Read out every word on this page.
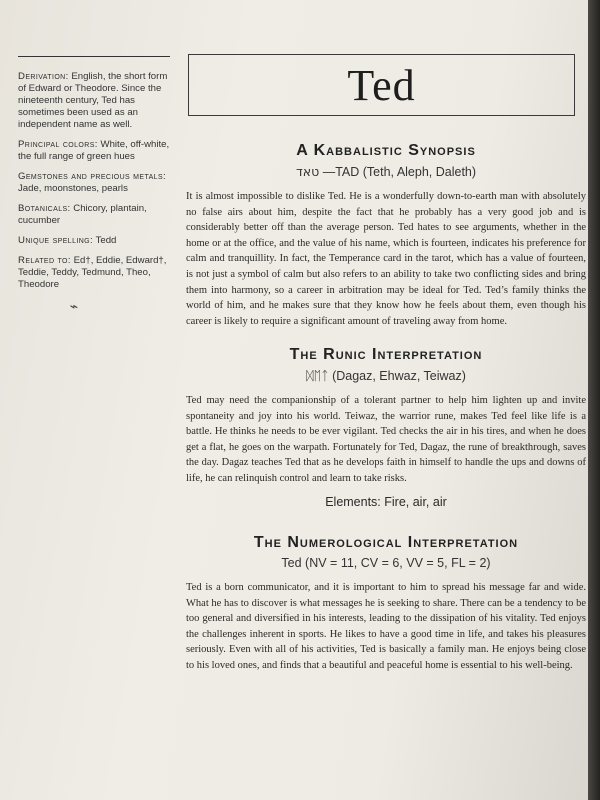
Derivation: English, the short form of Edward or Theodore. Since the nineteenth century, Ted has sometimes been used as an independent name as well.
Principal colors: White, off-white, the full range of green hues
Gemstones and precious metals: Jade, moonstones, pearls
Botanicals: Chicory, plantain, cucumber
Unique spelling: Tedd
Related to: Ed†, Eddie, Edward†, Teddie, Teddy, Tedmund, Theo, Theodore
⌁
Ted
A Kabbalistic Synopsis
טאד —TAD (Teth, Aleph, Daleth)

It is almost impossible to dislike Ted. He is a wonderfully down-to-earth man with absolutely no false airs about him, despite the fact that he probably has a very good job and is considerably better off than the average person. Ted hates to see arguments, whether in the home or at the office, and the value of his name, which is fourteen, indicates his preference for calm and tranquillity. In fact, the Temperance card in the tarot, which has a value of fourteen, is not just a symbol of calm but also refers to an ability to take two conflicting sides and bring them into harmony, so a career in arbitration may be ideal for Ted. Ted’s family thinks the world of him, and he makes sure that they know how he feels about them, even though his career is likely to require a significant amount of traveling away from home.

The Runic Interpretation
ᛞᛖᛏ (Dagaz, Ehwaz, Teiwaz)

Ted may need the companionship of a tolerant partner to help him lighten up and invite spontaneity and joy into his world. Teiwaz, the warrior rune, makes Ted feel like life is a battle. He thinks he needs to be ever vigilant. Ted checks the air in his tires, and when he does get a flat, he goes on the warpath. Fortunately for Ted, Dagaz, the rune of breakthrough, saves the day. Dagaz teaches Ted that as he develops faith in himself to handle the ups and downs of life, he can relinquish control and learn to take risks.

Elements: Fire, air, air

The Numerological Interpretation
Ted (NV = 11, CV = 6, VV = 5, FL = 2)

Ted is a born communicator, and it is important to him to spread his message far and wide. What he has to discover is what messages he is seeking to share. There can be a tendency to be too general and diversified in his interests, leading to the dissipation of his vitality. Ted enjoys the challenges inherent in sports. He likes to have a good time in life, and takes his pleasures seriously. Even with all of his activities, Ted is basically a family man. He enjoys being close to his loved ones, and finds that a beautiful and peaceful home is essential to his well-being.
